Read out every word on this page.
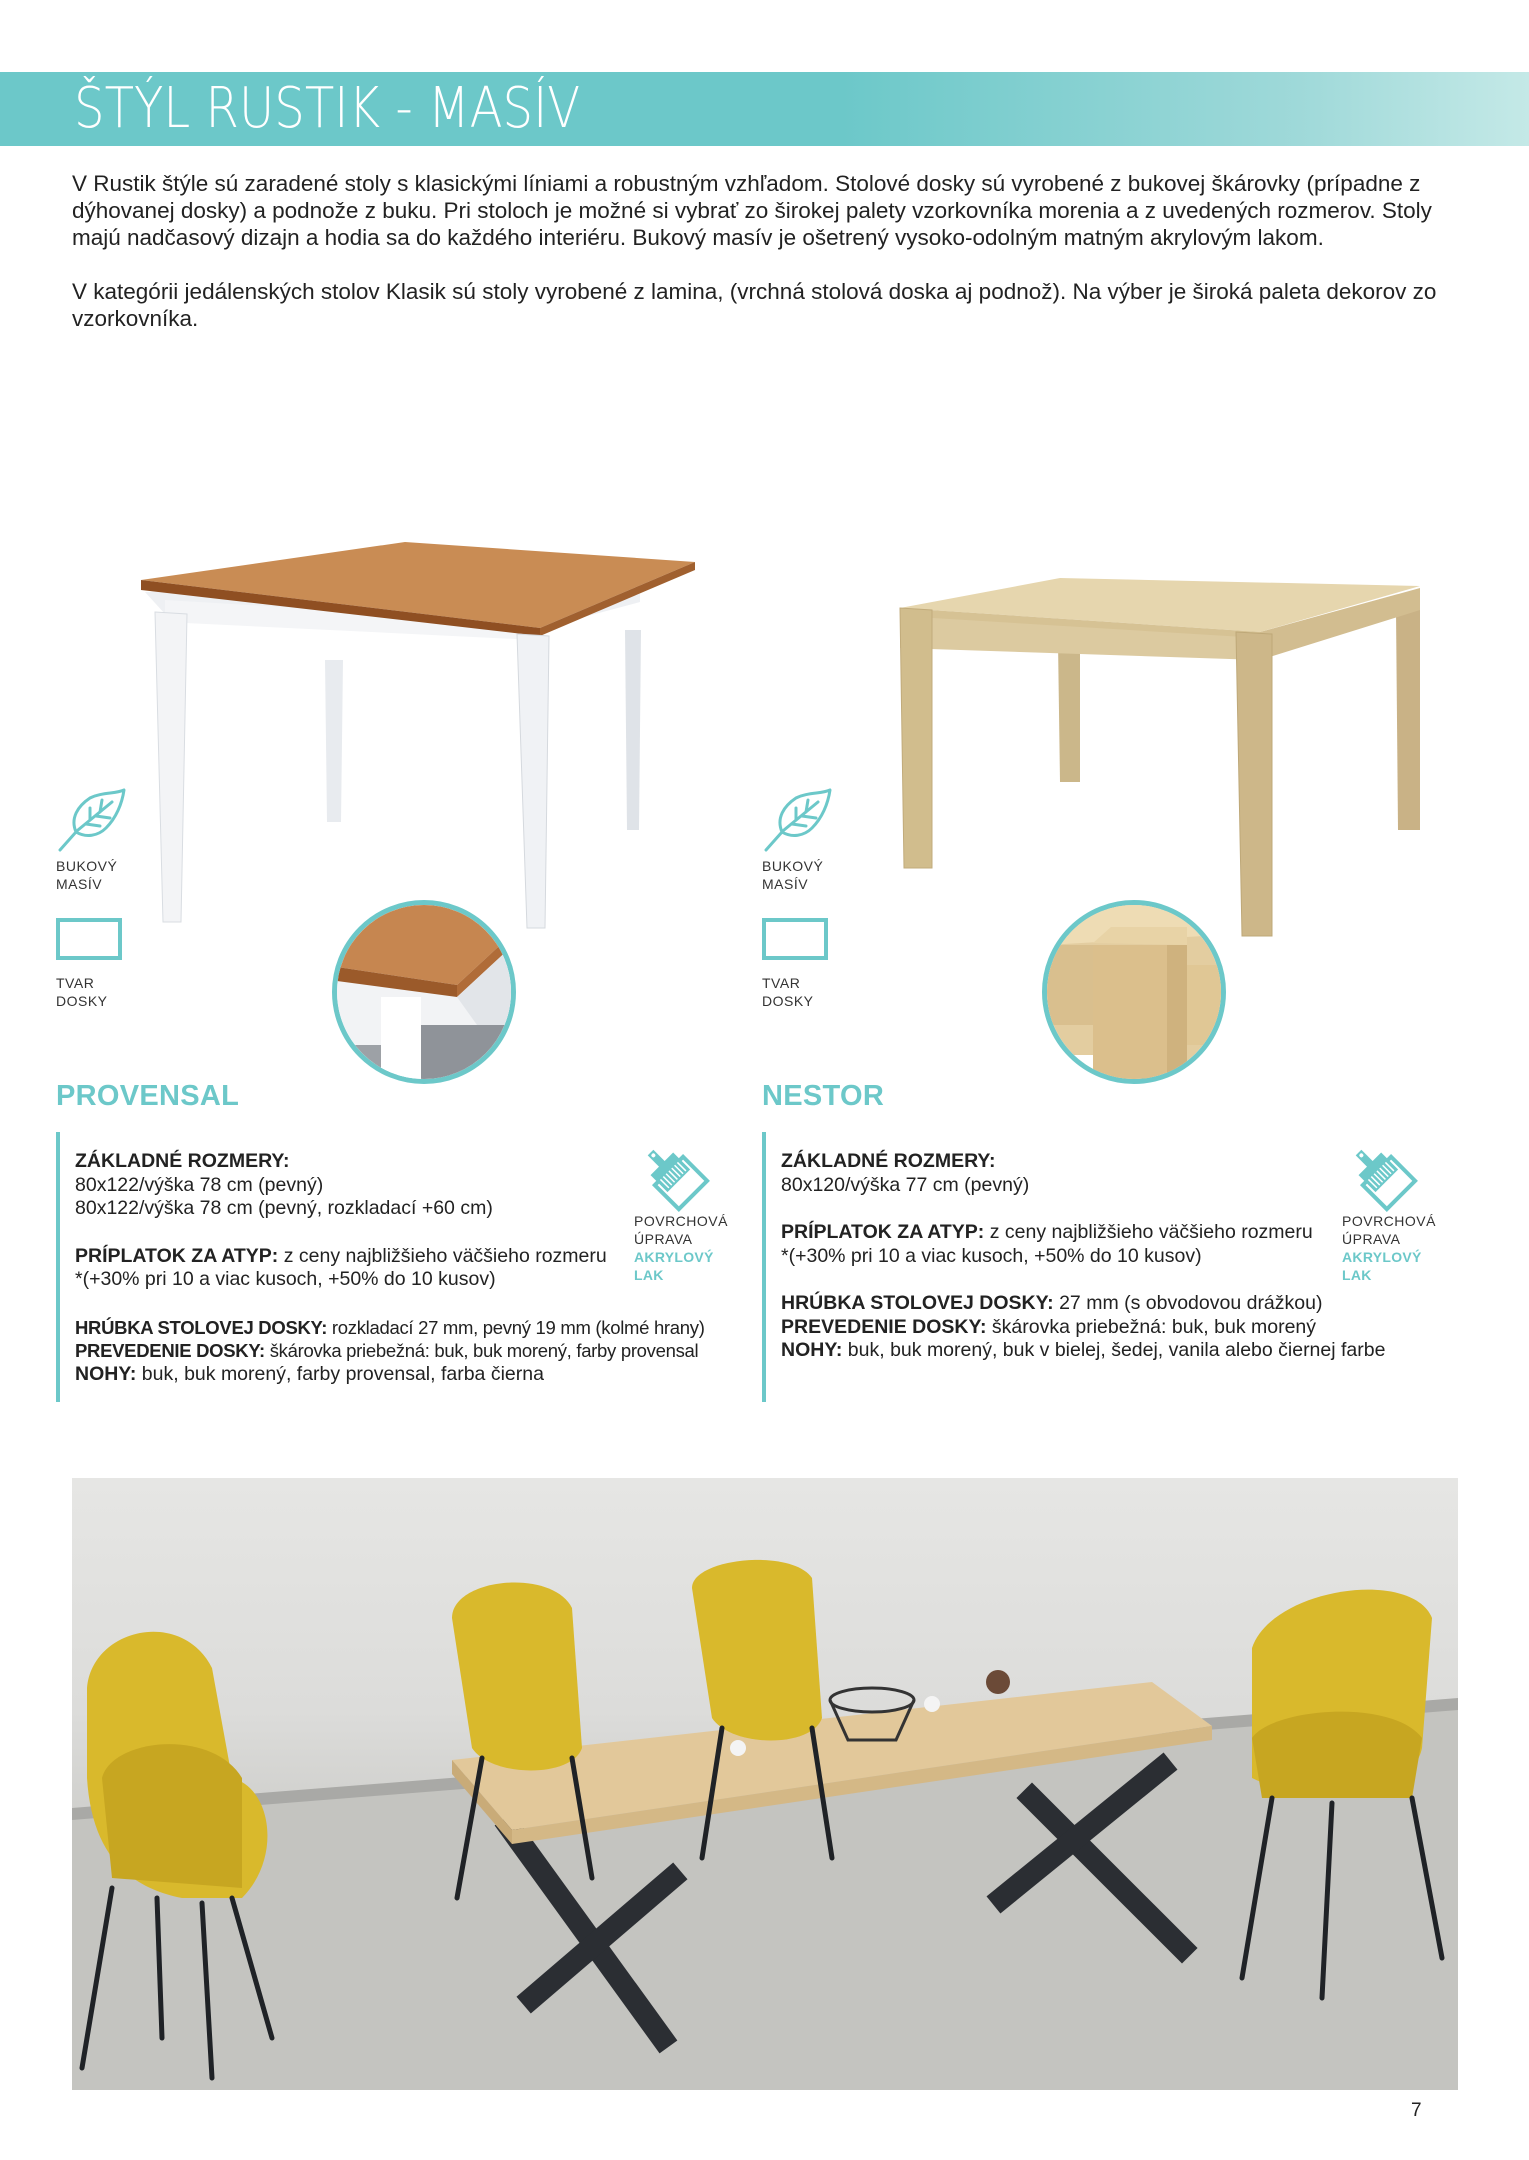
ŠTÝL RUSTIK - MASÍV

V Rustik štýle sú zaradené stoly s klasickými líniami a robustným vzhľadom. Stolové dosky sú vyrobené z bukovej škárovky (prípadne z dýhovanej dosky) a podnože z buku. Pri stoloch je možné si vybrať zo širokej palety vzorkovníka morenia a z uvedených rozmerov. Stoly majú nadčasový dizajn a hodia sa do každého interiéru. Bukový masív je ošetrený vysoko-odolným matným akrylovým lakom.

V kategórii jedálenských stolov Klasik sú stoly vyrobené z lamina, (vrchná stolová doska aj podnož). Na výber je široká paleta dekorov zo vzorkovníka.

BUKOVÝ
MASÍV
TVAR
DOSKY
PROVENSAL
ZÁKLADNÉ ROZMERY:
80x122/výška 78 cm (pevný)
80x122/výška 78 cm (pevný, rozkladací +60 cm)
PRÍPLATOK ZA ATYP: z ceny najbližšieho väčšieho rozmeru
*(+30% pri 10 a viac kusoch, +50% do 10 kusov)
HRÚBKA STOLOVEJ DOSKY: rozkladací 27 mm, pevný 19 mm (kolmé hrany)
PREVEDENIE DOSKY: škárovka priebežná: buk, buk morený, farby provensal
NOHY: buk, buk morený, farby provensal, farba čierna
POVRCHOVÁ
ÚPRAVA
AKRYLOVÝ LAK
BUKOVÝ
MASÍV
TVAR
DOSKY
NESTOR
ZÁKLADNÉ ROZMERY:
80x120/výška 77 cm (pevný)
PRÍPLATOK ZA ATYP: z ceny najbližšieho väčšieho rozmeru
*(+30% pri 10 a viac kusoch, +50% do 10 kusov)
HRÚBKA STOLOVEJ DOSKY: 27 mm (s obvodovou drážkou)
PREVEDENIE DOSKY: škárovka priebežná: buk, buk morený
NOHY: buk, buk morený, buk v bielej, šedej, vanila alebo čiernej farbe
POVRCHOVÁ
ÚPRAVA
AKRYLOVÝ LAK
7
